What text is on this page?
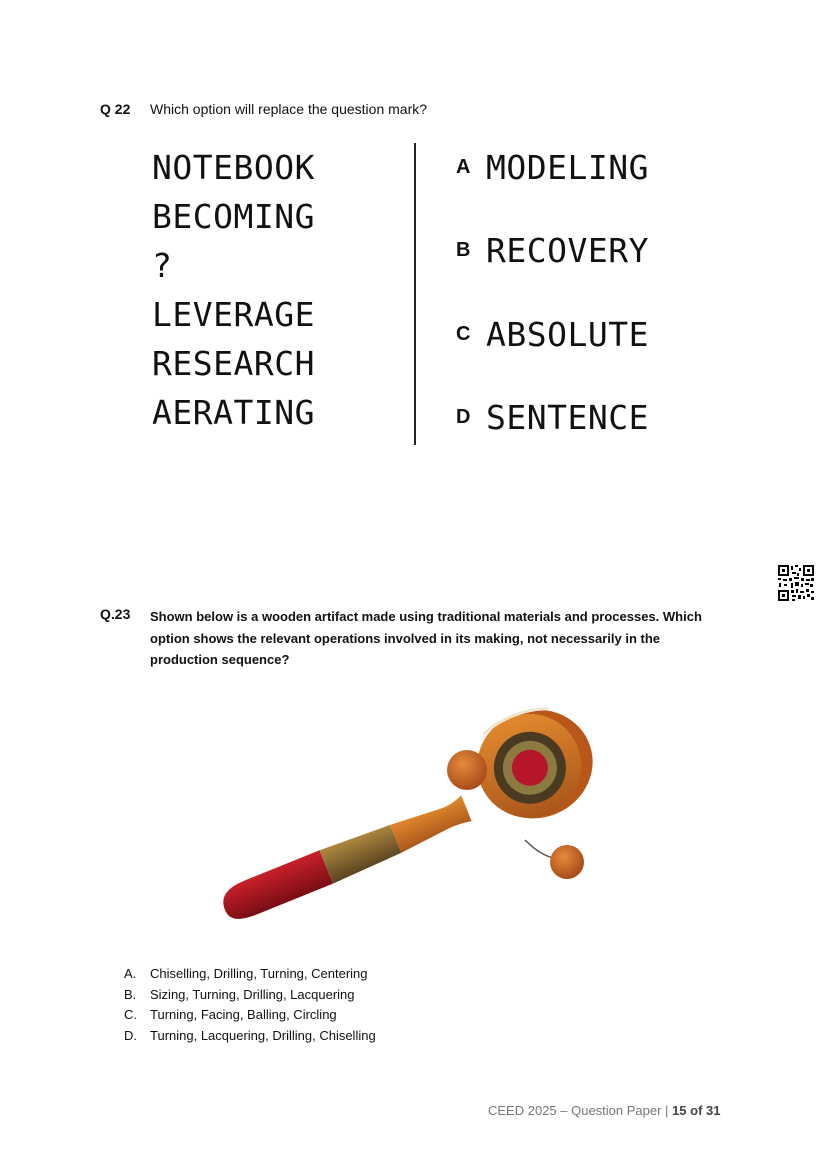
Q 22 Which option will replace the question mark?
NOTEBOOK
BECOMING
?
LEVERAGE
RESEARCH
AERATING
A MODELING
B RECOVERY
C ABSOLUTE
D SENTENCE
Q.23 Shown below is a wooden artifact made using traditional materials and processes. Which option shows the relevant operations involved in its making, not necessarily in the production sequence?
A.	Chiselling, Drilling, Turning, Centering
B.	Sizing, Turning, Drilling, Lacquering
C.	Turning, Facing, Balling, Circling
D.	Turning, Lacquering, Drilling, Chiselling
CEED 2025 – Question Paper | 15 of 31
